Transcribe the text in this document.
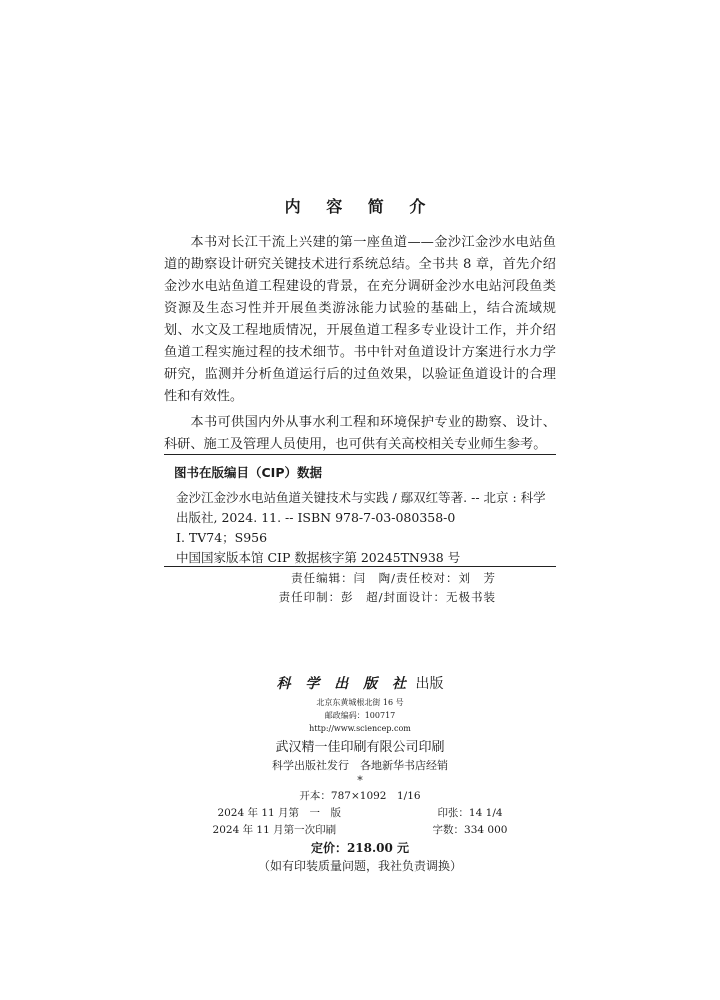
内 容 简 介

本书对长江干流上兴建的第一座鱼道——金沙江金沙水电站鱼道的勘察设计研究关键技术进行系统总结。全书共 8 章，首先介绍金沙水电站鱼道工程建设的背景，在充分调研金沙水电站河段鱼类资源及生态习性并开展鱼类游泳能力试验的基础上，结合流域规划、水文及工程地质情况，开展鱼道工程多专业设计工作，并介绍鱼道工程实施过程的技术细节。书中针对鱼道设计方案进行水力学研究，监测并分析鱼道运行后的过鱼效果，以验证鱼道设计的合理性和有效性。

本书可供国内外从事水利工程和环境保护专业的勘察、设计、科研、施工及管理人员使用，也可供有关高校相关专业师生参考。

图书在版编目（CIP）数据
金沙江金沙水电站鱼道关键技术与实践 / 鄢双红等著. -- 北京 : 科学出版社, 2024. 11. -- ISBN 978-7-03-080358-0
Ⅰ. TV74；S956
中国国家版本馆 CIP 数据核字第 20245TN938 号
责任编辑：闫　陶/责任校对：刘　芳
责任印制：彭　超/封面设计：无极书装
科 学 出 版 社 出版
北京东黄城根北街 16 号
邮政编码：100717
http://www.sciencep.com
武汉精一佳印刷有限公司印刷
科学出版社发行　各地新华书店经销
*
开本：787×1092　1/16
2024 年 11 月第　一　版	印张：14 1/4
2024 年 11 月第一次印刷	字数：334 000
定价：218.00 元
（如有印装质量问题，我社负责调换）
